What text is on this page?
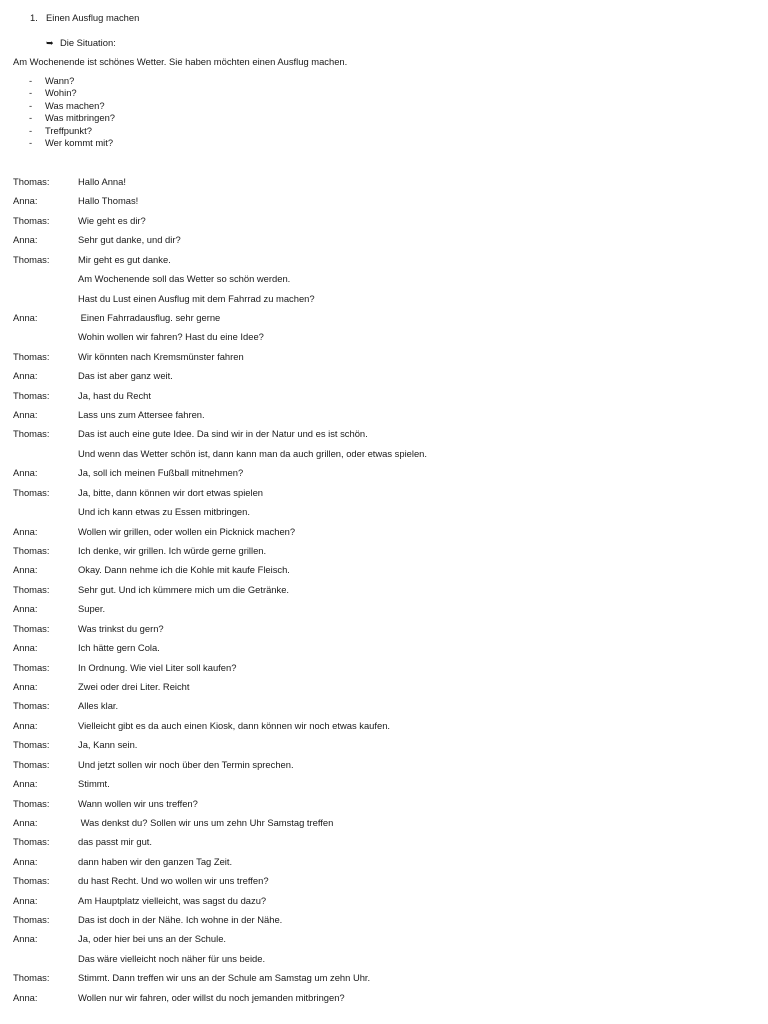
1. Einen Ausflug machen
➥ Die Situation:
Am Wochenende ist schönes Wetter. Sie haben möchten einen Ausflug machen.
- Wann?
- Wohin?
- Was machen?
- Was mitbringen?
- Treffpunkt?
- Wer kommt mit?
Thomas:	Hallo Anna!
Anna:	Hallo Thomas!
Thomas:	Wie geht es dir?
Anna:	Sehr gut danke, und dir?
Thomas:	Mir geht es gut danke.
Am Wochenende soll das Wetter so schön werden.
Hast du Lust einen Ausflug mit dem Fahrrad zu machen?
Anna:	Einen Fahrradausflug. sehr gerne
Wohin wollen wir fahren? Hast du eine Idee?
Thomas:	Wir könnten nach Kremsmünster fahren
Anna:	Das ist aber ganz weit.
Thomas:	Ja, hast du Recht
Anna:	Lass uns zum Attersee fahren.
Thomas:	Das ist auch eine gute Idee. Da sind wir in der Natur und es ist schön.
Und wenn das Wetter schön ist, dann kann man da auch grillen, oder etwas spielen.
Anna:	Ja, soll ich meinen Fußball mitnehmen?
Thomas:	Ja, bitte, dann können wir dort etwas spielen
Und ich kann etwas zu Essen mitbringen.
Anna:	Wollen wir grillen, oder wollen ein Picknick machen?
Thomas:	Ich denke, wir grillen. Ich würde gerne grillen.
Anna:	Okay. Dann nehme ich die Kohle mit kaufe Fleisch.
Thomas:	Sehr gut. Und ich kümmere mich um die Getränke.
Anna:	Super.
Thomas:	Was trinkst du gern?
Anna:	Ich hätte gern Cola.
Thomas:	In Ordnung. Wie viel Liter soll kaufen?
Anna:	Zwei oder drei Liter. Reicht
Thomas:	Alles klar.
Anna:	Vielleicht gibt es da auch einen Kiosk, dann können wir noch etwas kaufen.
Thomas:	Ja, Kann sein.
Thomas:	Und jetzt sollen wir noch über den Termin sprechen.
Anna:	Stimmt.
Thomas:	Wann wollen wir uns treffen?
Anna:	Was denkst du? Sollen wir uns um zehn Uhr Samstag treffen
Thomas:	das passt mir gut.
Anna:	dann haben wir den ganzen Tag Zeit.
Thomas:	du hast Recht. Und wo wollen wir uns treffen?
Anna:	Am Hauptplatz vielleicht, was sagst du dazu?
Thomas:	Das ist doch in der Nähe. Ich wohne in der Nähe.
Anna:	Ja, oder hier bei uns an der Schule.
Das wäre vielleicht noch näher für uns beide.
Thomas:	Stimmt. Dann treffen wir uns an der Schule am Samstag um zehn Uhr.
Anna:	Wollen nur wir fahren, oder willst du noch jemanden mitbringen?
